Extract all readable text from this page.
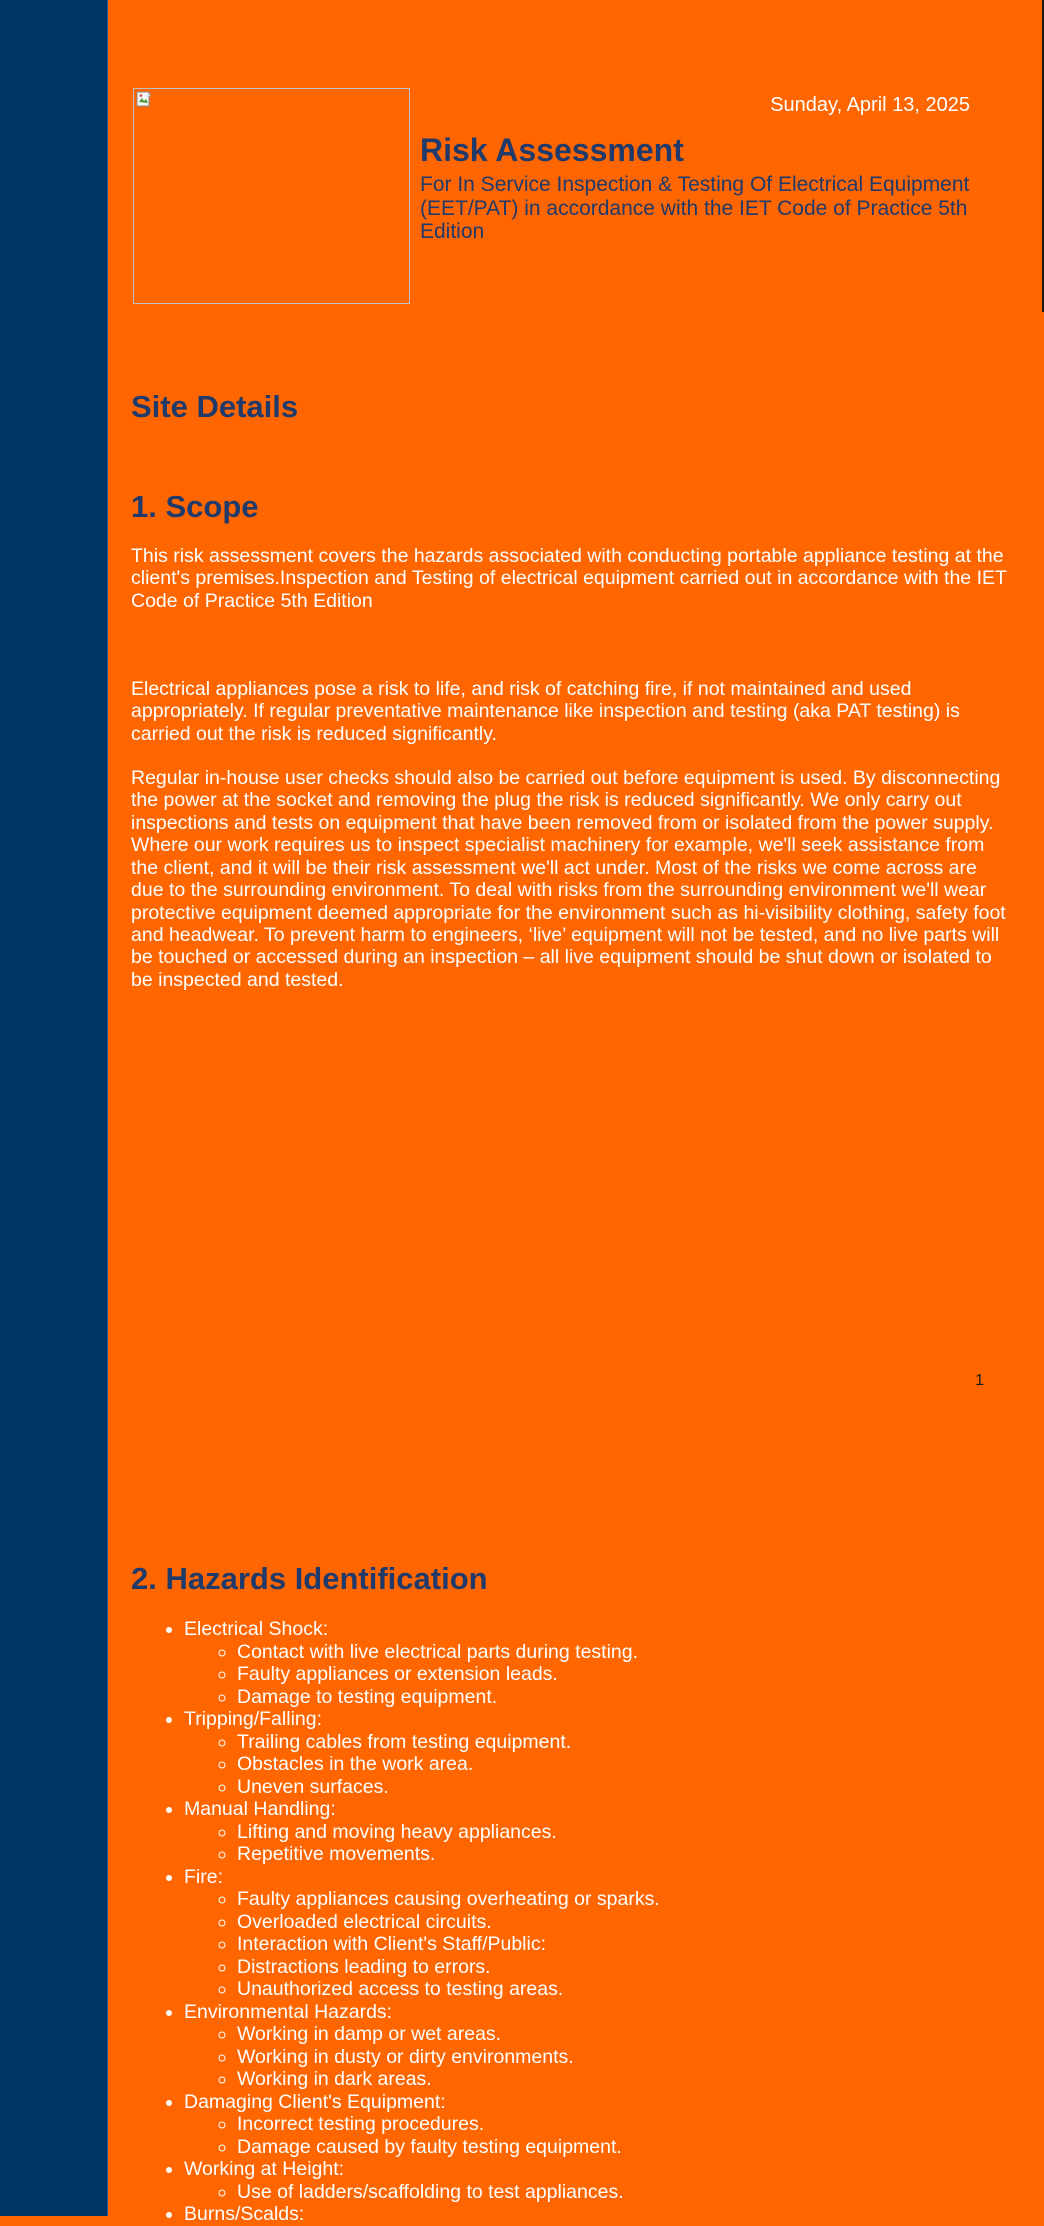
Sunday, April 13, 2025
Risk Assessment

For In Service Inspection & Testing Of Electrical Equipment (EET/PAT) in accordance with the IET Code of Practice 5th Edition

Site Details
1. Scope

This risk assessment covers the hazards associated with conducting portable appliance testing at the client's premises.Inspection and Testing of electrical equipment carried out in accordance with the IET Code of Practice 5th Edition

Electrical appliances pose a risk to life, and risk of catching fire, if not maintained and used appropriately. If regular preventative maintenance like inspection and testing (aka PAT testing) is carried out the risk is reduced significantly.

Regular in-house user checks should also be carried out before equipment is used. By disconnecting the power at the socket and removing the plug the risk is reduced significantly. We only carry out inspections and tests on equipment that have been removed from or isolated from the power supply. Where our work requires us to inspect specialist machinery for example, we'll seek assistance from the client, and it will be their risk assessment we'll act under. Most of the risks we come across are due to the surrounding environment. To deal with risks from the surrounding environment we'll wear protective equipment deemed appropriate for the environment such as hi-visibility clothing, safety foot and headwear. To prevent harm to engineers, ‘live’ equipment will not be tested, and no live parts will be touched or accessed during an inspection – all live equipment should be shut down or isolated to be inspected and tested.

1
2. Hazards Identification
• Electrical Shock:
◦ Contact with live electrical parts during testing.
◦ Faulty appliances or extension leads.
◦ Damage to testing equipment.
• Tripping/Falling:
◦ Trailing cables from testing equipment.
◦ Obstacles in the work area.
◦ Uneven surfaces.
• Manual Handling:
◦ Lifting and moving heavy appliances.
◦ Repetitive movements.
• Fire:
◦ Faulty appliances causing overheating or sparks.
◦ Overloaded electrical circuits.
◦ Interaction with Client's Staff/Public:
◦ Distractions leading to errors.
◦ Unauthorized access to testing areas.
• Environmental Hazards:
◦ Working in damp or wet areas.
◦ Working in dusty or dirty environments.
◦ Working in dark areas.
• Damaging Client's Equipment:
◦ Incorrect testing procedures.
◦ Damage caused by faulty testing equipment.
• Working at Height:
◦ Use of ladders/scaffolding to test appliances.
• Burns/Scalds:
